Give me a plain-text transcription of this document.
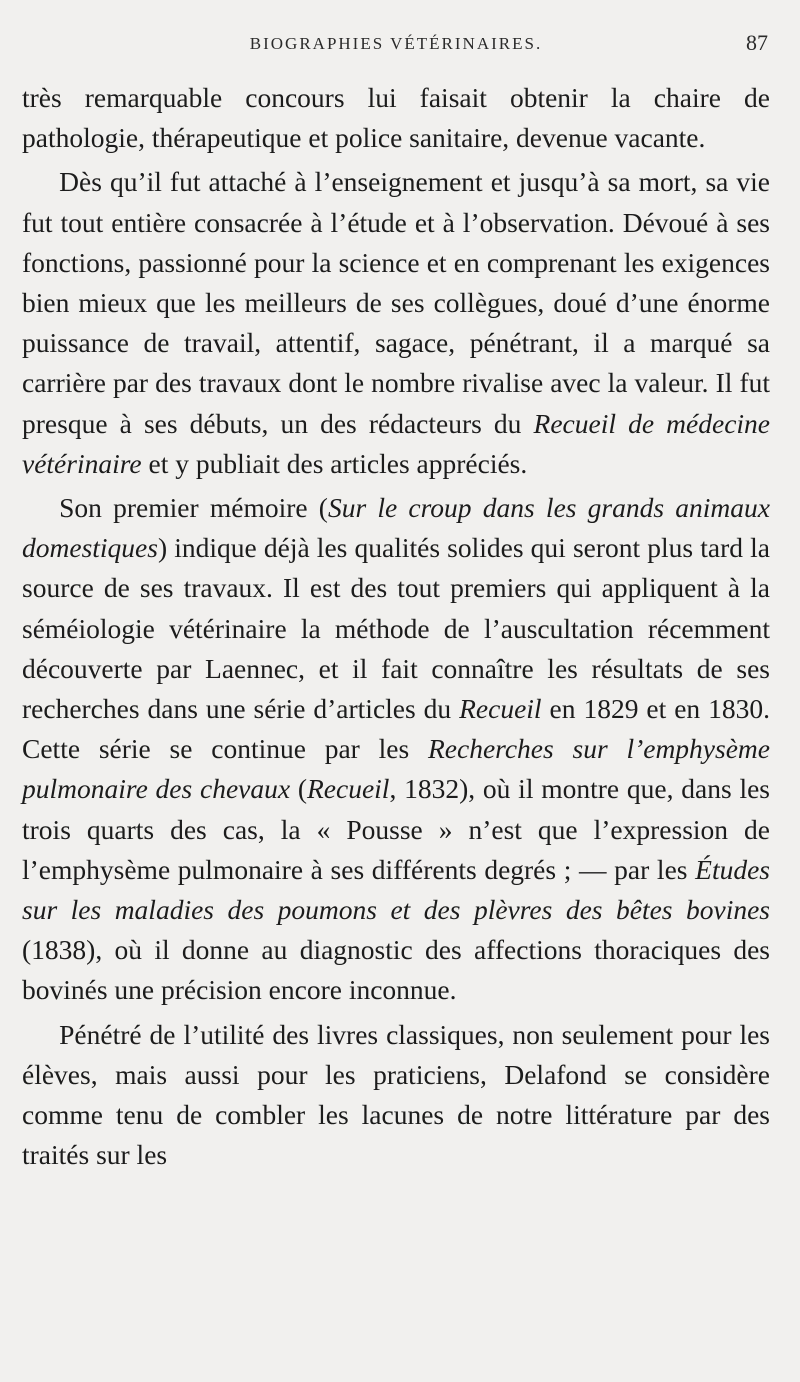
BIOGRAPHIES VÉTÉRINAIRES.	87

très remarquable concours lui faisait obtenir la chaire de pathologie, thérapeutique et police sanitaire, devenue vacante.

Dès qu’il fut attaché à l’enseignement et jusqu’à sa mort, sa vie fut tout entière consacrée à l’étude et à l’observation. Dévoué à ses fonctions, passionné pour la science et en comprenant les exigences bien mieux que les meilleurs de ses collègues, doué d’une énorme puissance de travail, attentif, sagace, pénétrant, il a marqué sa carrière par des travaux dont le nombre rivalise avec la valeur. Il fut presque à ses débuts, un des rédacteurs du Recueil de médecine vétérinaire et y publiait des articles appréciés.

Son premier mémoire (Sur le croup dans les grands animaux domestiques) indique déjà les qualités solides qui seront plus tard la source de ses travaux. Il est des tout premiers qui appliquent à la séméiologie vétérinaire la méthode de l’auscultation récemment découverte par Laennec, et il fait connaître les résultats de ses recherches dans une série d’articles du Recueil en 1829 et en 1830. Cette série se continue par les Recherches sur l’emphysème pulmonaire des chevaux (Recueil, 1832), où il montre que, dans les trois quarts des cas, la « Pousse » n’est que l’expression de l’emphysème pulmonaire à ses différents degrés ; — par les Études sur les maladies des poumons et des plèvres des bêtes bovines (1838), où il donne au diagnostic des affections thoraciques des bovinés une précision encore inconnue.

Pénétré de l’utilité des livres classiques, non seulement pour les élèves, mais aussi pour les praticiens, Delafond se considère comme tenu de combler les lacunes de notre littérature par des traités sur les
